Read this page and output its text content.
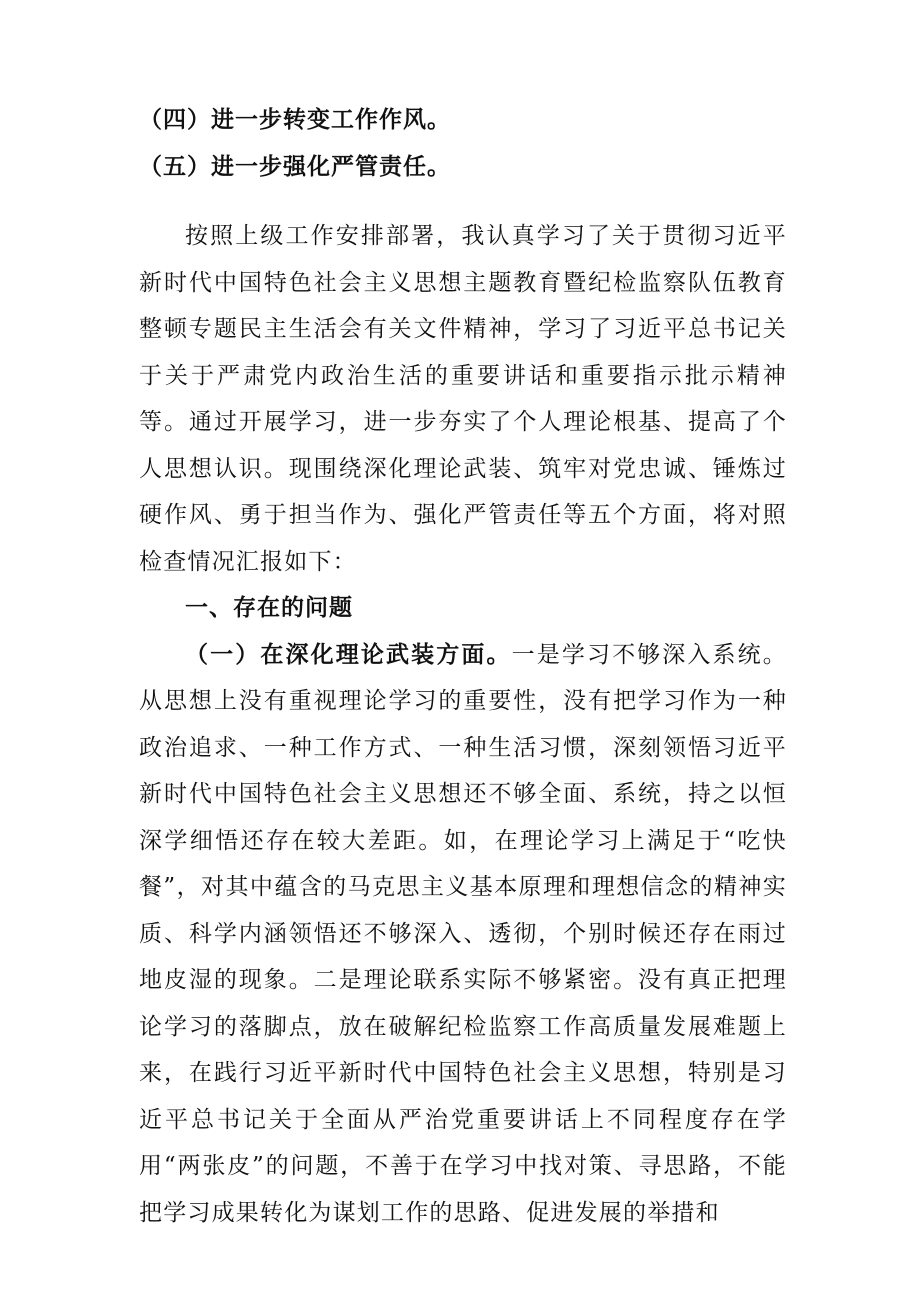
（四）进一步转变工作作风。

（五）进一步强化严管责任。

按照上级工作安排部署，我认真学习了关于贯彻习近平新时代中国特色社会主义思想主题教育暨纪检监察队伍教育整顿专题民主生活会有关文件精神，学习了习近平总书记关于关于严肃党内政治生活的重要讲话和重要指示批示精神等。通过开展学习，进一步夯实了个人理论根基、提高了个人思想认识。现围绕深化理论武装、筑牢对党忠诚、锤炼过硬作风、勇于担当作为、强化严管责任等五个方面，将对照检查情况汇报如下：

一、存在的问题

（一）在深化理论武装方面。一是学习不够深入系统。从思想上没有重视理论学习的重要性，没有把学习作为一种政治追求、一种工作方式、一种生活习惯，深刻领悟习近平新时代中国特色社会主义思想还不够全面、系统，持之以恒深学细悟还存在较大差距。如，在理论学习上满足于“吃快餐”，对其中蕴含的马克思主义基本原理和理想信念的精神实质、科学内涵领悟还不够深入、透彻，个别时候还存在雨过地皮湿的现象。二是理论联系实际不够紧密。没有真正把理论学习的落脚点，放在破解纪检监察工作高质量发展难题上来，在践行习近平新时代中国特色社会主义思想，特别是习近平总书记关于全面从严治党重要讲话上不同程度存在学用“两张皮”的问题，不善于在学习中找对策、寻思路，不能把学习成果转化为谋划工作的思路、促进发展的举措和
